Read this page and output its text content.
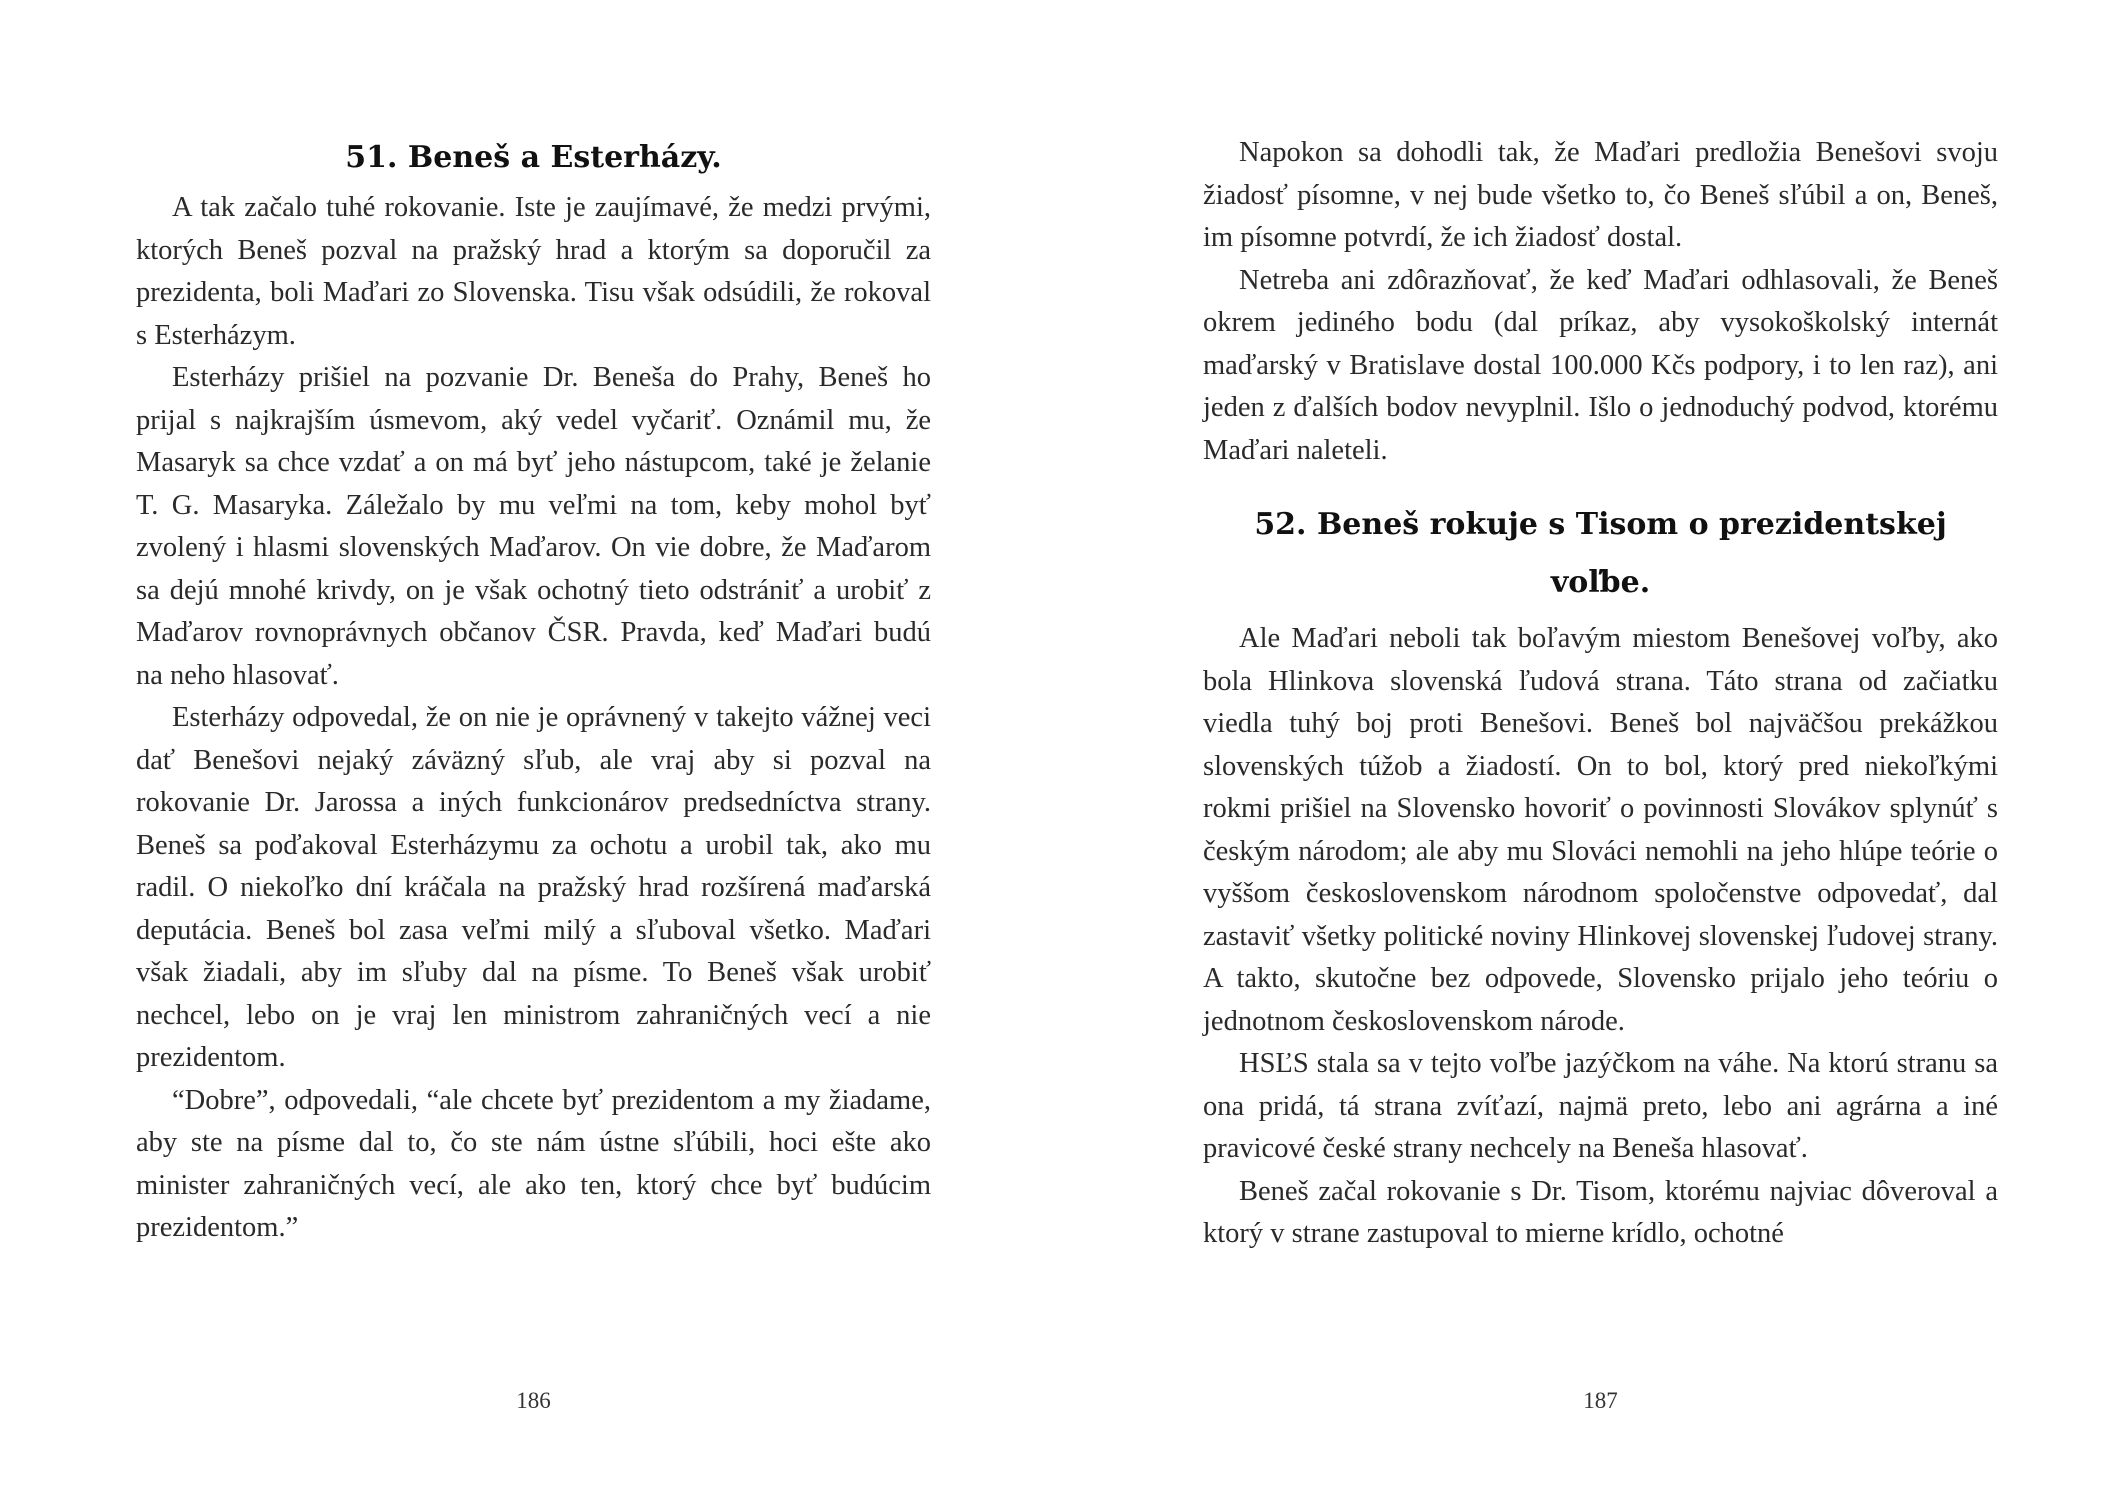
51. Beneš a Esterházy.

A tak začalo tuhé rokovanie. Iste je zaujímavé, že medzi prvými, ktorých Beneš pozval na pražský hrad a ktorým sa doporučil za prezidenta, boli Maďari zo Slovenska. Tisu však odsúdili, že rokoval s Esterházym.

Esterházy prišiel na pozvanie Dr. Beneša do Prahy, Beneš ho prijal s najkrajším úsmevom, aký vedel vyčariť. Oznámil mu, že Masaryk sa chce vzdať a on má byť jeho nástupcom, také je želanie T. G. Masaryka. Záležalo by mu veľmi na tom, keby mohol byť zvolený i hlasmi slovenských Maďarov. On vie dobre, že Maďarom sa dejú mnohé krivdy, on je však ochotný tieto odstrániť a urobiť z Maďarov rovnoprávnych občanov ČSR. Pravda, keď Maďari budú na neho hlasovať.

Esterházy odpovedal, že on nie je oprávnený v takejto vážnej veci dať Benešovi nejaký záväzný sľub, ale vraj aby si pozval na rokovanie Dr. Jarossa a iných funkcionárov predsedníctva strany. Beneš sa poďakoval Esterházymu za ochotu a urobil tak, ako mu radil. O niekoľko dní kráčala na pražský hrad rozšírená maďarská deputácia. Beneš bol zasa veľmi milý a sľuboval všetko. Maďari však žiadali, aby im sľuby dal na písme. To Beneš však urobiť nechcel, lebo on je vraj len ministrom zahraničných vecí a nie prezidentom.

“Dobre”, odpovedali, “ale chcete byť prezidentom a my žiadame, aby ste na písme dal to, čo ste nám ústne sľúbili, hoci ešte ako minister zahraničných vecí, ale ako ten, ktorý chce byť budúcim prezidentom.”

186

Napokon sa dohodli tak, že Maďari predložia Benešovi svoju žiadosť písomne, v nej bude všetko to, čo Beneš sľúbil a on, Beneš, im písomne potvrdí, že ich žiadosť dostal.

Netreba ani zdôrazňovať, že keď Maďari odhlasovali, že Beneš okrem jediného bodu (dal príkaz, aby vysokoškolský internát maďarský v Bratislave dostal 100.000 Kčs podpory, i to len raz), ani jeden z ďalších bodov nevyplnil. Išlo o jednoduchý podvod, ktorému Maďari naleteli.

52. Beneš rokuje s Tisom o prezidentskej
voľbe.

Ale Maďari neboli tak boľavým miestom Benešovej voľby, ako bola Hlinkova slovenská ľudová strana. Táto strana od začiatku viedla tuhý boj proti Benešovi. Beneš bol najväčšou prekážkou slovenských túžob a žiadostí. On to bol, ktorý pred niekoľkými rokmi prišiel na Slovensko hovoriť o povinnosti Slovákov splynúť s českým národom; ale aby mu Slováci nemohli na jeho hlúpe teórie o vyššom československom národnom spoločenstve odpovedať, dal zastaviť všetky politické noviny Hlinkovej slovenskej ľudovej strany. A takto, skutočne bez odpovede, Slovensko prijalo jeho teóriu o jednotnom československom národe.

HSĽS stala sa v tejto voľbe jazýčkom na váhe. Na ktorú stranu sa ona pridá, tá strana zvíťazí, najmä preto, lebo ani agrárna a iné pravicové české strany nechcely na Beneša hlasovať.

Beneš začal rokovanie s Dr. Tisom, ktorému najviac dôveroval a ktorý v strane zastupoval to mierne krídlo, ochotné

187
